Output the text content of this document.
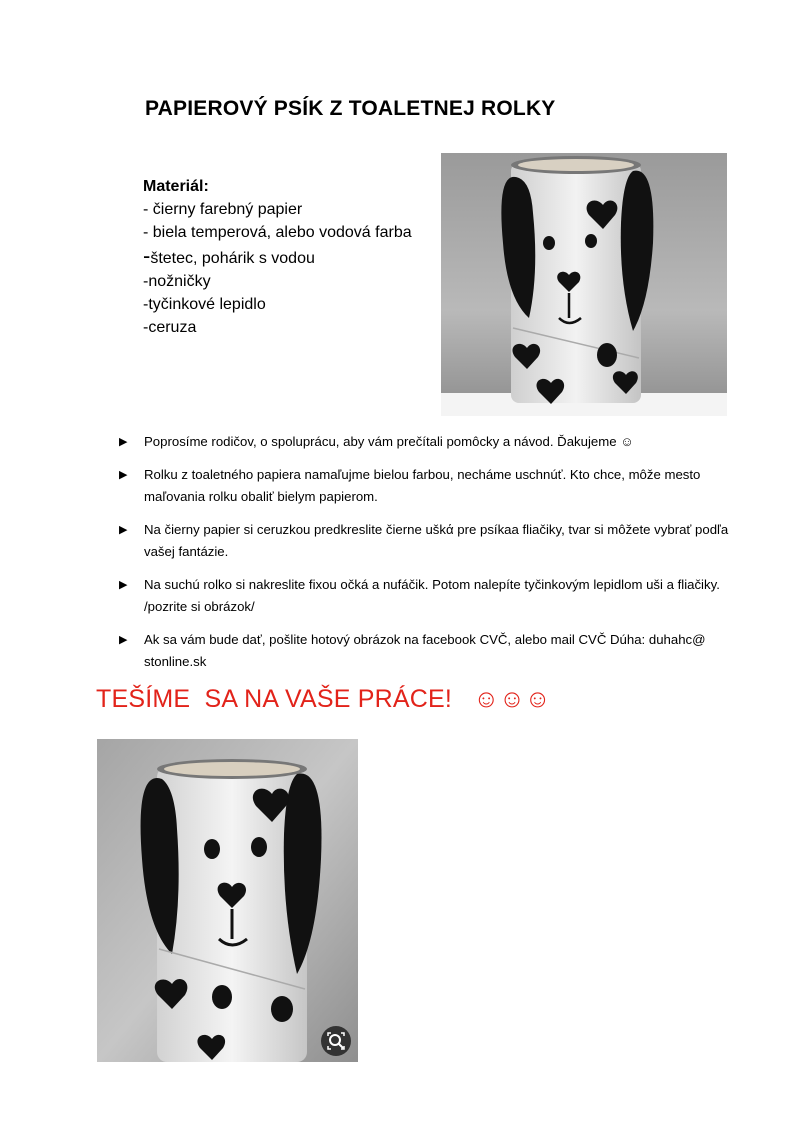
PAPIEROVÝ PSÍK Z TOALETNEJ ROLKY
Materiál:
- čierny farebný papier
- biela temperová, alebo vodová farba
-štetec, pohárik s vodou
-nožničky
-tyčinkové lepidlo
-ceruza
▶ Poprosíme rodičov, o spoluprácu, aby vám prečítali pomôcky a návod. Ďakujeme ☺
▶ Rolku z toaletného papiera namaľujme bielou farbou, necháme uschnúť. Kto chce, môže mesto maľovania rolku obaliť bielym papierom.
▶ Na čierny papier si ceruzkou predkreslite čierne uškά pre psíkaa fliačiky, tvar si môžete vybrať podľa vašej fantázie.
▶ Na suchú rolko si nakreslite fixou očká a nufáčik. Potom nalepíte tyčinkovým lepidlom uši a fliačiky. /pozrite si obrázok/
▶ Ak sa vám bude dať, pošlite hotový obrázok na facebook CVČ, alebo mail CVČ Dúha: duhahc@ stonline.sk
TEŠÍME  SA NA VAŠE PRÁCE!   ☺☺☺
